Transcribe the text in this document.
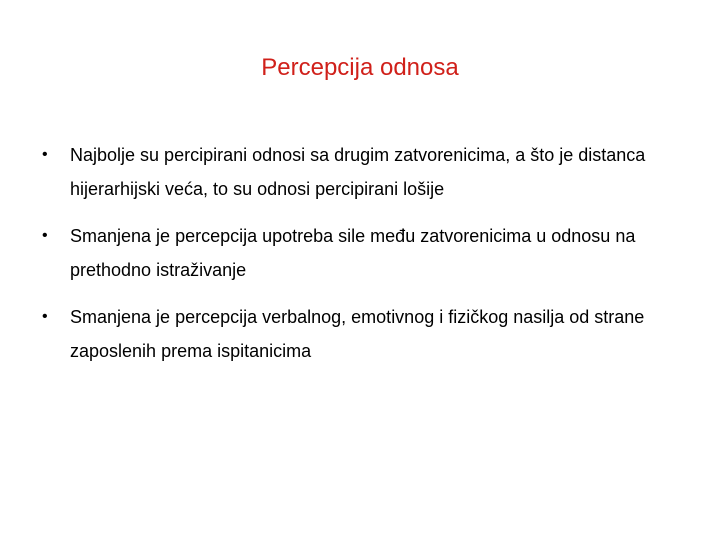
Percepcija odnosa
• Najbolje su percipirani odnosi sa drugim zatvorenicima, a što je distanca hijerarhijski veća, to su odnosi percipirani lošije
• Smanjena je percepcija upotreba sile među zatvorenicima u odnosu na prethodno istraživanje
• Smanjena je percepcija verbalnog, emotivnog i fizičkog nasilja od strane zaposlenih prema ispitanicima
